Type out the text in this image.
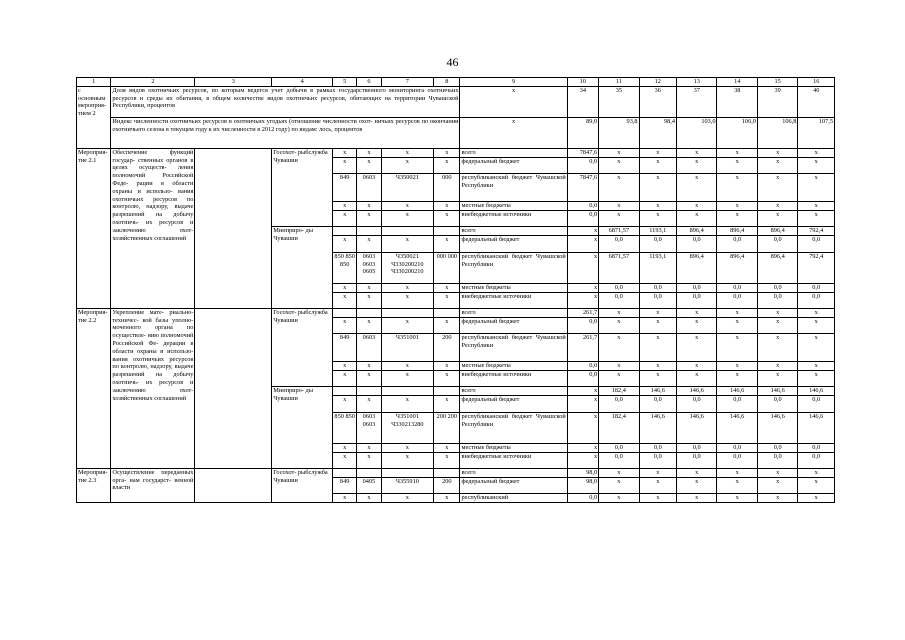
46
1	2	3	4	5	6	7	8	9	10	11	12	13	14	15	16
с основным мероприя- тием 2	Доля видов охотничьих ресурсов, по которым ведется учет добычи в рамках государственного мониторинга охотничьих ресурсов и среды их обитания, в общем количестве видов охотничьих ресурсов, обитающих на территории Чувашской Республики, процентов							x	34	35	36	37	38	39	40
	Индекс численности охотничьих ресурсов в охотничьих угодьях (отношение численности охот- ничьих ресурсов по окончании охотничьего сезона в текущем году к их численности в 2012 году) по видам: лось, процентов							x	89,0	93,8	98,4	103,0	106,0	106,8	107,5
Мероприя- тие 2.1	Обеспечение функций государ- ственных органов в целях осуществ- ления полномочий Российской Феде- рации в области охраны и использо- вания охотничьих ресурсов по контролю, надзору, выдаче разрешений на добычу охотничь- их ресурсов и заключению охот- хозяйственных соглашений		Госохот- рыбслужба Чувашии	x	x	x	x	всего	7847,6	x	x	x	x	x	x
				x	x	x	x	федеральный бюджет	0,0	x	x	x	x	x	x
				849	0603	Ч350021	000	республиканский бюджет Чувашской Республики	7847,6	x	x	x	x	x	x
				x	x	x	x	местные бюджеты	0,0	x	x	x	x	x	x
				x	x	x	x	внебюджетные источники	0,0	x	x	x	x	x	x
			Минприро- ды Чувашии					всего	x	6871,57	1193,1	896,4	896,4	896,4	792,4
				x	x	x	x	федеральный бюджет	x	0,0	0,0	0,0	0,0	0,0	0,0
				850 850 850	0603 0603 0605	Ч350021 Ч330200210 Ч330200210	000 000	республиканский бюджет Чувашской Республики	x	6871,57	1193,1	896,4	896,4	896,4	792,4
				x	x	x	x	местные бюджеты	x	0,0	0,0	0,0	0,0	0,0	0,0
				x	x	x	x	внебюджетные источники	x	0,0	0,0	0,0	0,0	0,0	0,0
Мероприя- тие 2.2	Укрепление мате- риально-техничес- кой базы уполно- моченного органа по осуществле- нию полномочий Российской Фе- дерации в области охраны и использо- вания охотничьих ресурсов по контролю, надзору, выдаче разрешений на добычу охотничь- их ресурсов и заключению охот- хозяйственных соглашений		Госохот- рыбслужба Чувашии					всего	261,7	x	x	x	x	x	x
				x	x	x	x	федеральный бюджет	0,0	x	x	x	x	x	x
				849	0603	Ч351001	200	республиканский бюджет Чувашской Республики	261,7	x	x	x	x	x	x
				x	x	x	x	местные бюджеты	0,0	x	x	x	x	x	x
				x	x	x	x	внебюджетные источники	0,0	x	x	x	x	x	x
			Минприро- ды Чувашии					всего	x	182,4	146,6	146,6	146,6	146,6	146,6
				x	x	x	x	федеральный бюджет	x	0,0	0,0	0,0	0,0	0,0	0,0
				850 850	0603 0603	Ч351001 Ч330213280	200 200	республиканский бюджет Чувашской Республики	x	182,4	146,6	146,6	146,6	146,6	146,6
				x	x	x	x	местные бюджеты	x	0,0	0,0	0,0	0,0	0,0	0,0
				x	x	x	x	внебюджетные источники	x	0,0	0,0	0,0	0,0	0,0	0,0
Мероприя- тие 2.3	Осуществление переданных орга- нам государст- венной власти		Госохот- рыбслужба Чувашии					всего	98,0	x	x	x	x	x	x
				849	0405	Ч355910	200	федеральный бюджет	98,0	x	x	x	x	x	x
				x	x	x	x	республиканский	0,0	x	x	x	x	x	x
